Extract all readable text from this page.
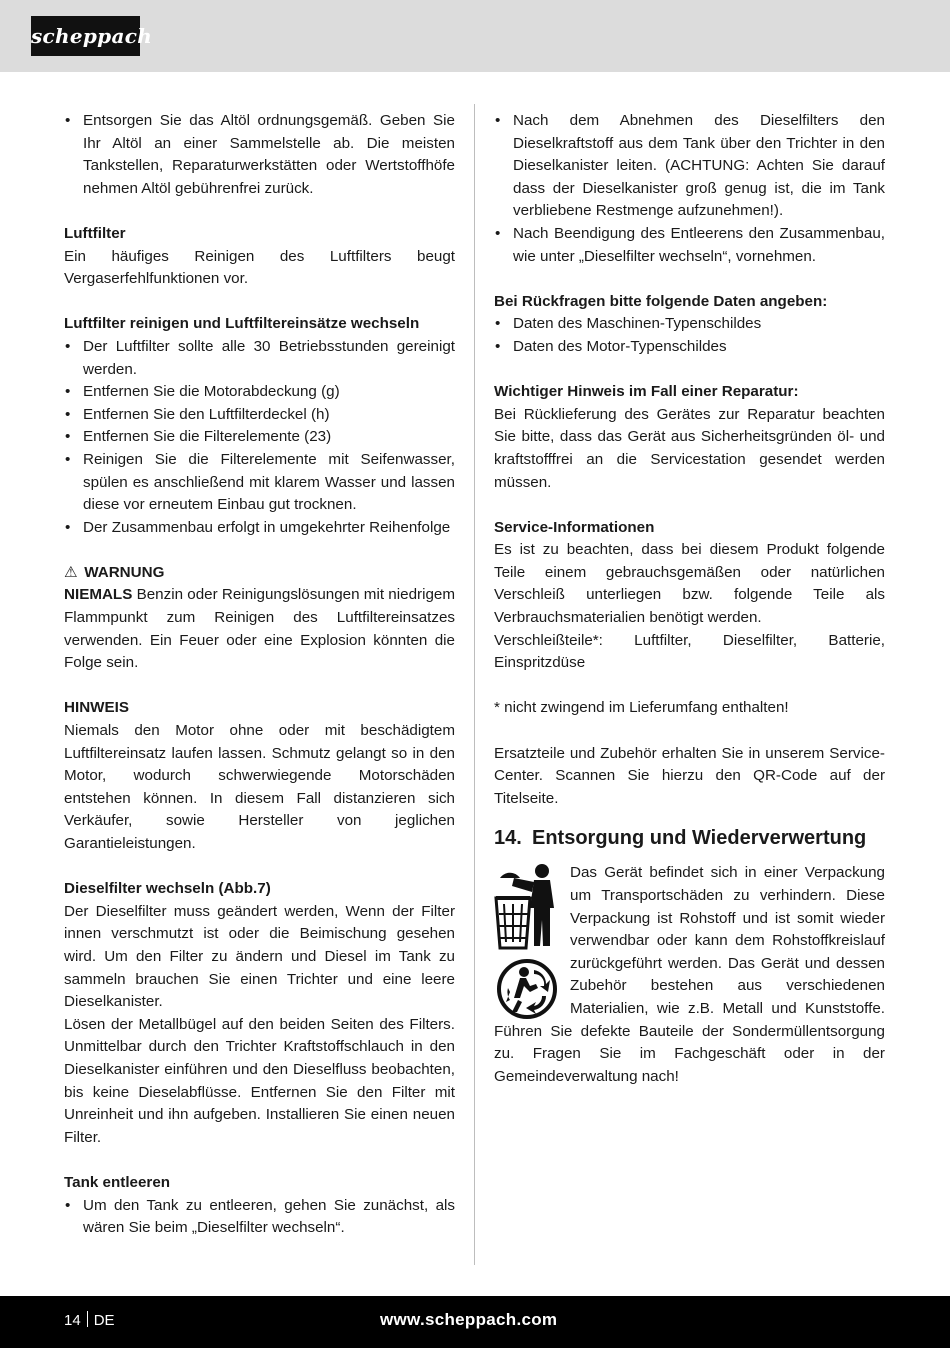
scheppach
• Entsorgen Sie das Altöl ordnungsgemäß. Geben Sie Ihr Altöl an einer Sammelstelle ab. Die meisten Tankstellen, Reparaturwerkstätten oder Wertstoffhöfe nehmen Altöl gebührenfrei zurück.

Luftfilter

Ein häufiges Reinigen des Luftfilters beugt Vergaserfehlfunktionen vor.

Luftfilter reinigen und Luftfiltereinsätze wechseln

• Der Luftfilter sollte alle 30 Betriebsstunden gereinigt werden.
• Entfernen Sie die Motorabdeckung (g)
• Entfernen Sie den Luftfilterdeckel (h)
• Entfernen Sie die Filterelemente (23)
• Reinigen Sie die Filterelemente mit Seifenwasser, spülen es anschließend mit klarem Wasser und lassen diese vor erneutem Einbau gut trocknen.
• Der Zusammenbau erfolgt in umgekehrter Reihenfolge

⚠ WARNUNG

NIEMALS Benzin oder Reinigungslösungen mit niedrigem Flammpunkt zum Reinigen des Luftfiltereinsatzes verwenden. Ein Feuer oder eine Explosion könnten die Folge sein.

HINWEIS

Niemals den Motor ohne oder mit beschädigtem Luftfiltereinsatz laufen lassen. Schmutz gelangt so in den Motor, wodurch schwerwiegende Motorschäden entstehen können. In diesem Fall distanzieren sich Verkäufer, sowie Hersteller von jeglichen Garantieleistungen.

Dieselfilter wechseln (Abb.7)

Der Dieselfilter muss geändert werden, Wenn der Filter innen verschmutzt ist oder die Beimischung gesehen wird. Um den Filter zu ändern und Diesel im Tank zu sammeln brauchen Sie einen Trichter und eine leere Dieselkanister.

Lösen der Metallbügel auf den beiden Seiten des Filters. Unmittelbar durch den Trichter Kraftstoffschlauch in den Dieselkanister einführen und den Dieselfluss beobachten, bis keine Dieselabflüsse. Entfernen Sie den Filter mit Unreinheit und ihn aufgeben. Installieren Sie einen neuen Filter.

Tank entleeren

• Um den Tank zu entleeren, gehen Sie zunächst, als wären Sie beim „Dieselfilter wechseln“.
• Nach dem Abnehmen des Dieselfilters den Dieselkraftstoff aus dem Tank über den Trichter in den Dieselkanister leiten. (ACHTUNG: Achten Sie darauf dass der Dieselkanister groß genug ist, die im Tank verbliebene Restmenge aufzunehmen!).
• Nach Beendigung des Entleerens den Zusammenbau, wie unter „Dieselfilter wechseln“, vornehmen.

Bei Rückfragen bitte folgende Daten angeben:

• Daten des Maschinen-Typenschildes
• Daten des Motor-Typenschildes

Wichtiger Hinweis im Fall einer Reparatur:

Bei Rücklieferung des Gerätes zur Reparatur beachten Sie bitte, dass das Gerät aus Sicherheitsgründen öl- und kraftstofffrei an die Servicestation gesendet werden müssen.

Service-Informationen

Es ist zu beachten, dass bei diesem Produkt folgende Teile einem gebrauchsgemäßen oder natürlichen Verschleiß unterliegen bzw. folgende Teile als Verbrauchsmaterialien benötigt werden.

Verschleißteile*: Luftfilter, Dieselfilter, Batterie, Einspritzdüse

* nicht zwingend im Lieferumfang enthalten!

Ersatzteile und Zubehör erhalten Sie in unserem Service-Center. Scannen Sie hierzu den QR-Code auf der Titelseite.

14. Entsorgung und Wiederverwertung

Das Gerät befindet sich in einer Verpackung um Transportschäden zu verhindern. Diese Verpackung ist Rohstoff und ist somit wieder verwendbar oder kann dem Rohstoffkreislauf zurückgeführt werden. Das Gerät und dessen Zubehör bestehen aus verschiedenen Materialien, wie z.B. Metall und Kunststoffe. Führen Sie defekte Bauteile der Sondermüllentsorgung zu. Fragen Sie im Fachgeschäft oder in der Gemeindeverwaltung nach!

14 DE	www.scheppach.com
